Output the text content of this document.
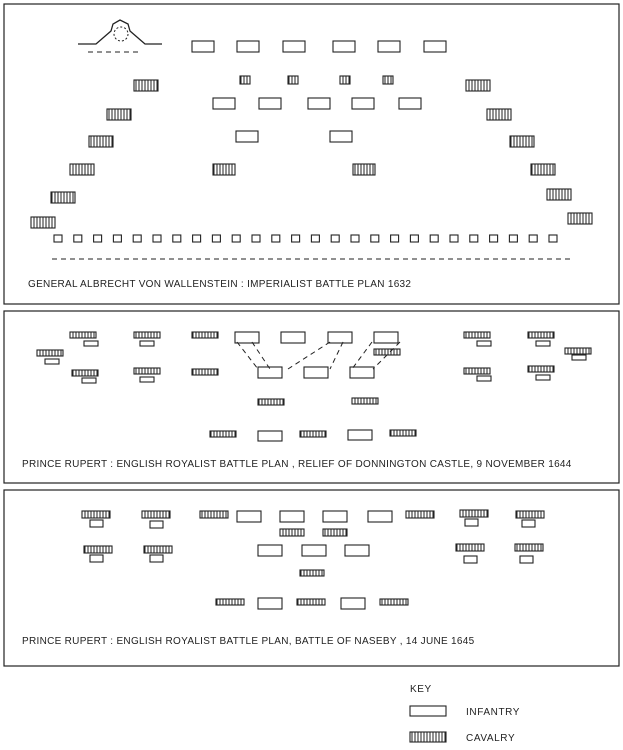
GENERAL ALBRECHT VON WALLENSTEIN : IMPERIALIST BATTLE PLAN 1632
PRINCE RUPERT : ENGLISH ROYALIST BATTLE PLAN , RELIEF OF DONNINGTON CASTLE, 9 NOVEMBER 1644
PRINCE RUPERT : ENGLISH ROYALIST BATTLE PLAN, BATTLE OF NASEBY , 14 JUNE 1645
KEY
INFANTRY
CAVALRY
